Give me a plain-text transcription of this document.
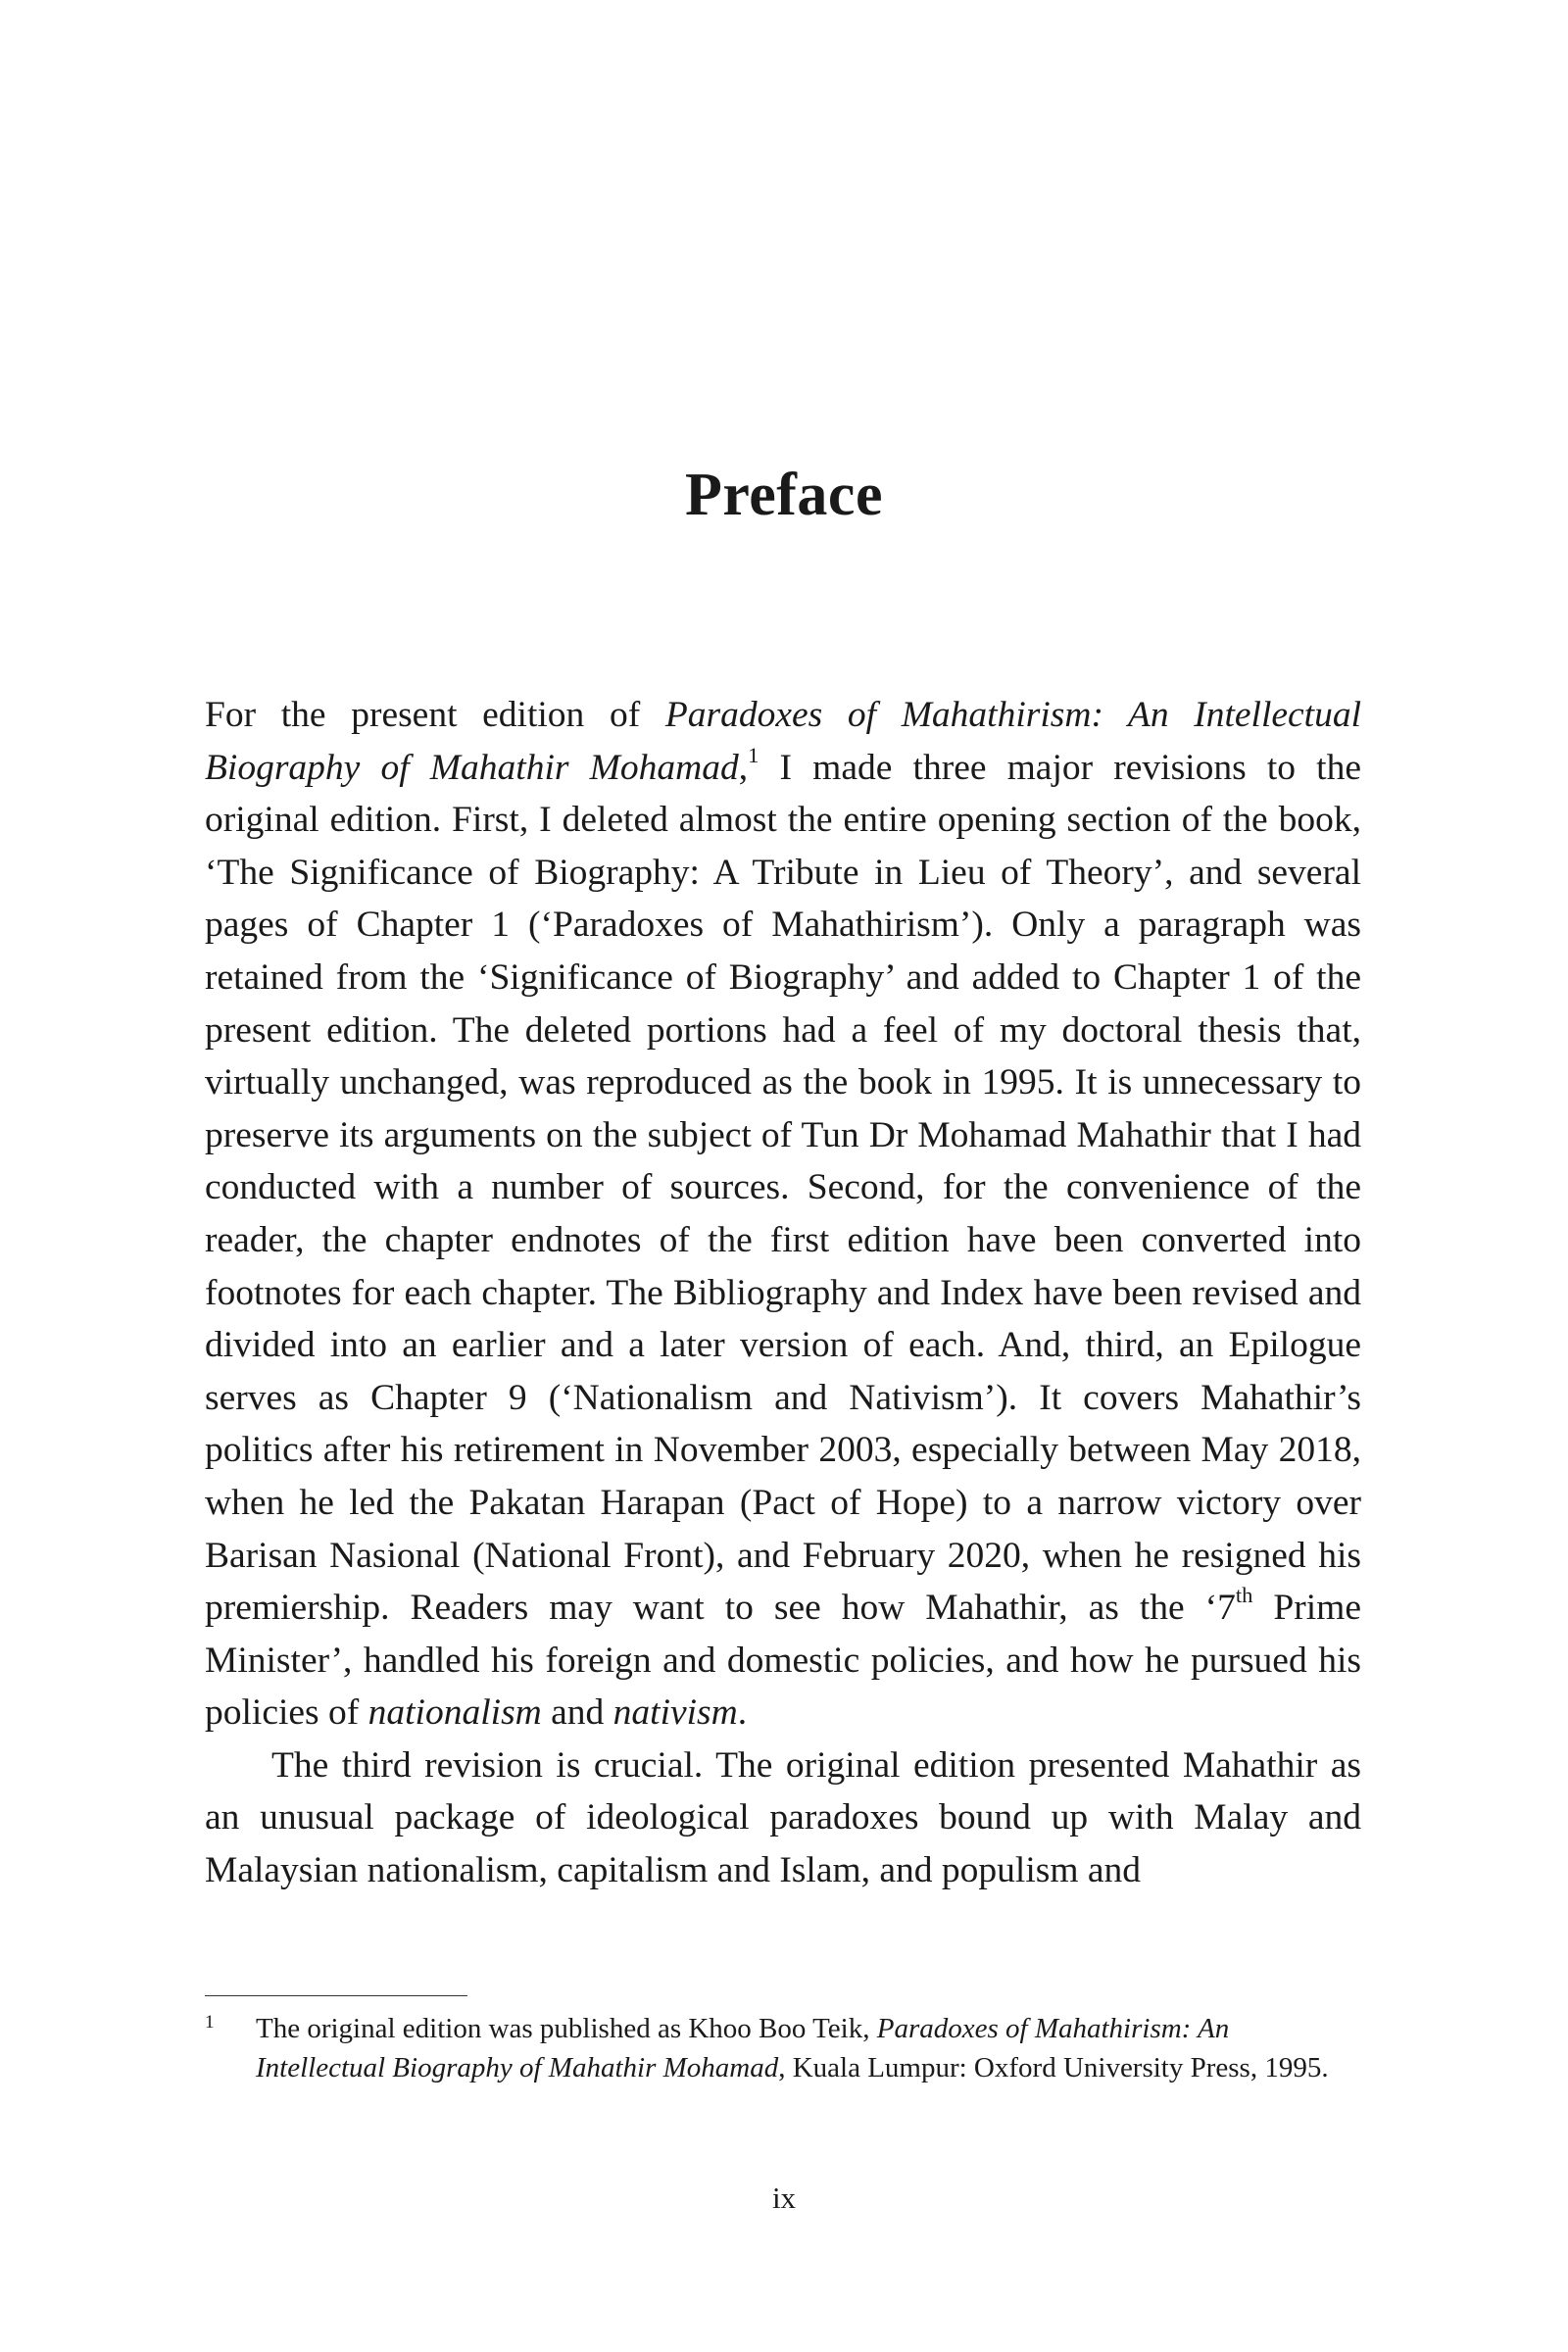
Preface

For the present edition of Paradoxes of Mahathirism: An Intellectual Biography of Mahathir Mohamad,$^1$ I made three major revisions to the original edition. First, I deleted almost the entire opening section of the book, ‘The Significance of Biography: A Tribute in Lieu of Theory’, and several pages of Chapter 1 (‘Paradoxes of Mahathirism’). Only a paragraph was retained from the ‘Significance of Biography’ and added to Chapter 1 of the present edition. The deleted portions had a feel of my doctoral thesis that, virtually unchanged, was reproduced as the book in 1995. It is unnecessary to preserve its arguments on the subject of Tun Dr Mohamad Mahathir that I had conducted with a number of sources. Second, for the convenience of the reader, the chapter endnotes of the first edition have been converted into footnotes for each chapter. The Bibliography and Index have been revised and divided into an earlier and a later version of each. And, third, an Epilogue serves as Chapter 9 (‘Nationalism and Nativism’). It covers Mahathir’s politics after his retirement in November 2003, especially between May 2018, when he led the Pakatan Harapan (Pact of Hope) to a narrow victory over Barisan Nasional (National Front), and February 2020, when he resigned his premiership. Readers may want to see how Mahathir, as the ‘7th Prime Minister’, handled his foreign and domestic policies, and how he pursued his policies of nationalism and nativism.

The third revision is crucial. The original edition presented Mahathir as an unusual package of ideological paradoxes bound up with Malay and Malaysian nationalism, capitalism and Islam, and populism and

1 The original edition was published as Khoo Boo Teik, Paradoxes of Mahathirism: An Intellectual Biography of Mahathir Mohamad, Kuala Lumpur: Oxford University Press, 1995.
ix
